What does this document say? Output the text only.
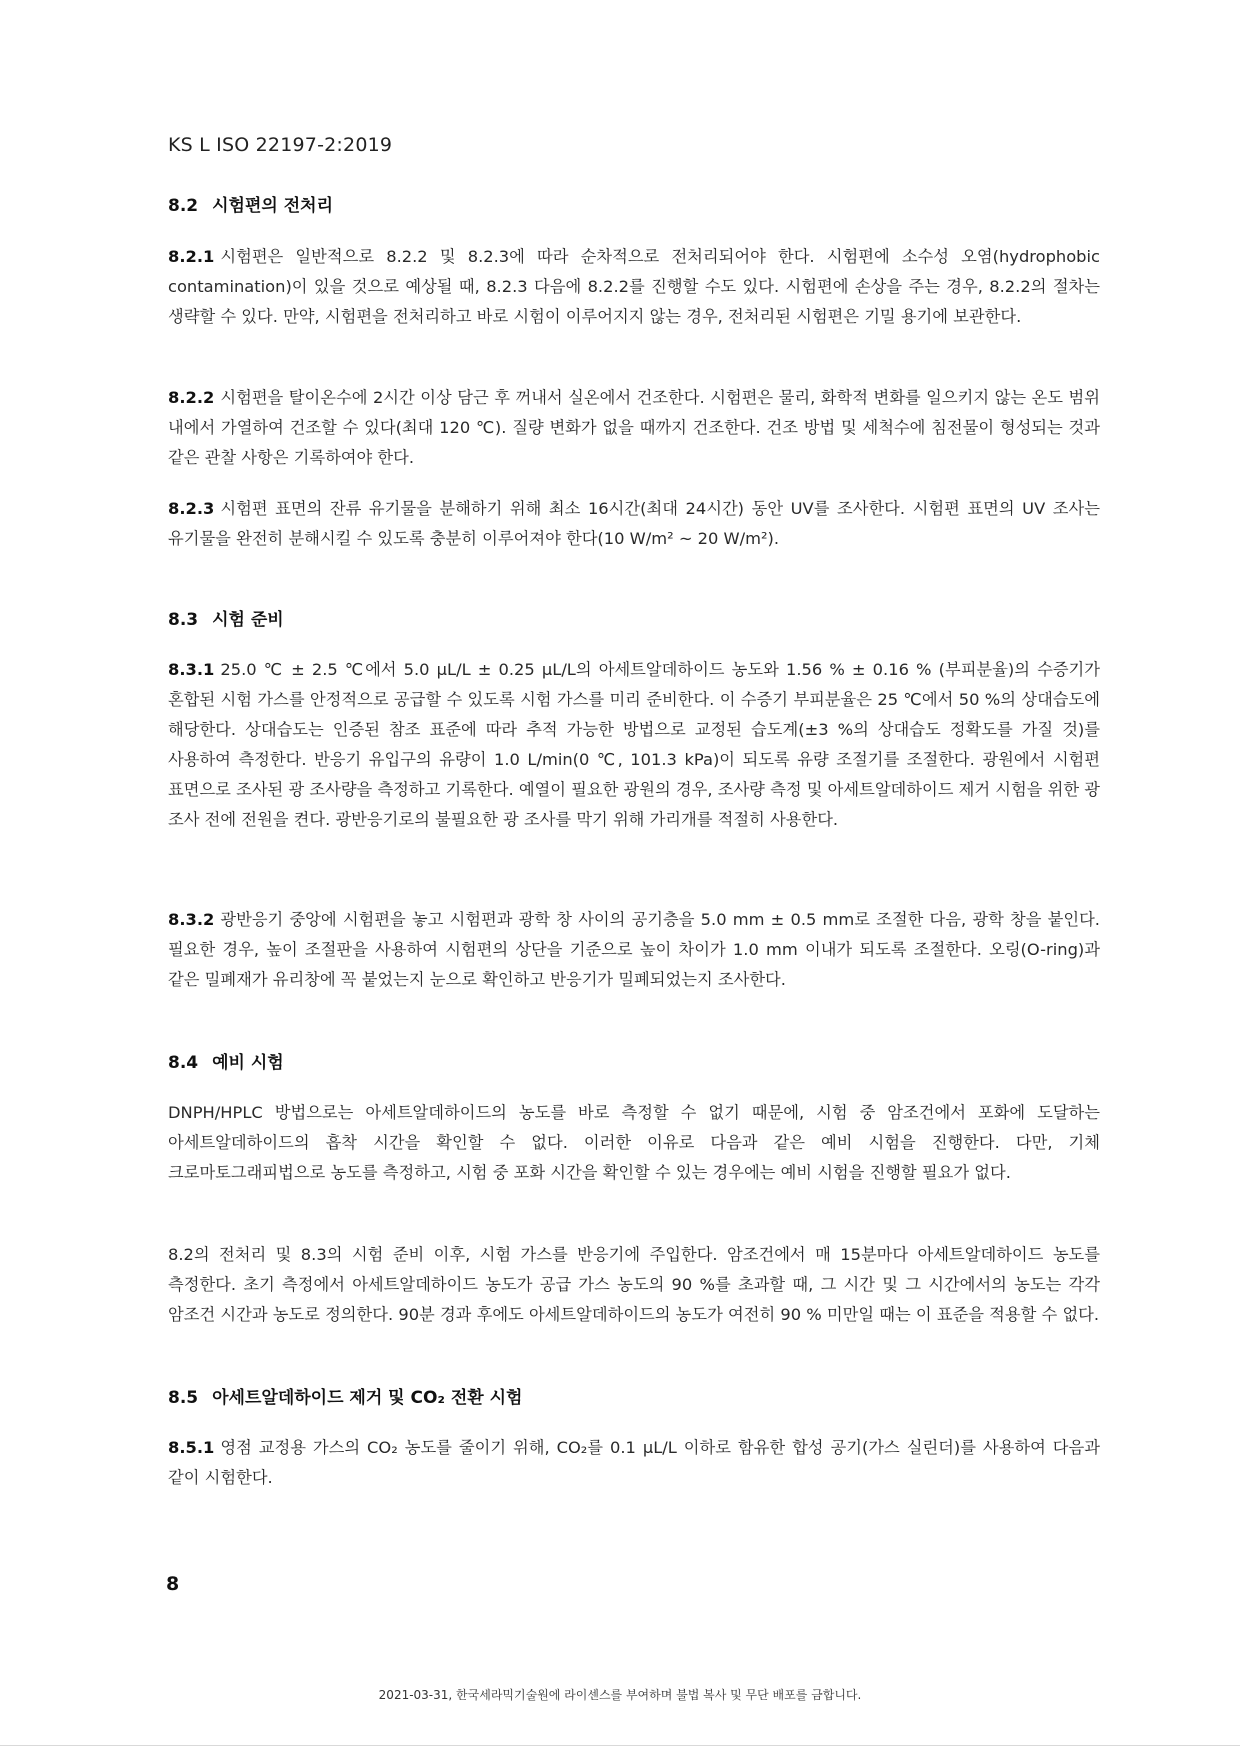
KS L ISO 22197-2:2019
8.2 시험편의 전처리
8.2.1 시험편은 일반적으로 8.2.2 및 8.2.3에 따라 순차적으로 전처리되어야 한다. 시험편에 소수성 오염(hydrophobic contamination)이 있을 것으로 예상될 때, 8.2.3 다음에 8.2.2를 진행할 수도 있다. 시험편에 손상을 주는 경우, 8.2.2의 절차는 생략할 수 있다. 만약, 시험편을 전처리하고 바로 시험이 이루어지지 않는 경우, 전처리된 시험편은 기밀 용기에 보관한다.
8.2.2 시험편을 탈이온수에 2시간 이상 담근 후 꺼내서 실온에서 건조한다. 시험편은 물리, 화학적 변화를 일으키지 않는 온도 범위 내에서 가열하여 건조할 수 있다(최대 120 ℃). 질량 변화가 없을 때까지 건조한다. 건조 방법 및 세척수에 침전물이 형성되는 것과 같은 관찰 사항은 기록하여야 한다.
8.2.3 시험편 표면의 잔류 유기물을 분해하기 위해 최소 16시간(최대 24시간) 동안 UV를 조사한다. 시험편 표면의 UV 조사는 유기물을 완전히 분해시킬 수 있도록 충분히 이루어져야 한다(10 W/m² ~ 20 W/m²).
8.3 시험 준비
8.3.1 25.0 ℃ ± 2.5 ℃에서 5.0 μL/L ± 0.25 μL/L의 아세트알데하이드 농도와 1.56 % ± 0.16 % (부피분율)의 수증기가 혼합된 시험 가스를 안정적으로 공급할 수 있도록 시험 가스를 미리 준비한다. 이 수증기 부피분율은 25 ℃에서 50 %의 상대습도에 해당한다. 상대습도는 인증된 참조 표준에 따라 추적 가능한 방법으로 교정된 습도계(±3 %의 상대습도 정확도를 가질 것)를 사용하여 측정한다. 반응기 유입구의 유량이 1.0 L/min(0 ℃, 101.3 kPa)이 되도록 유량 조절기를 조절한다. 광원에서 시험편 표면으로 조사된 광 조사량을 측정하고 기록한다. 예열이 필요한 광원의 경우, 조사량 측정 및 아세트알데하이드 제거 시험을 위한 광 조사 전에 전원을 켠다. 광반응기로의 불필요한 광 조사를 막기 위해 가리개를 적절히 사용한다.
8.3.2 광반응기 중앙에 시험편을 놓고 시험편과 광학 창 사이의 공기층을 5.0 mm ± 0.5 mm로 조절한 다음, 광학 창을 붙인다. 필요한 경우, 높이 조절판을 사용하여 시험편의 상단을 기준으로 높이 차이가 1.0 mm 이내가 되도록 조절한다. 오링(O-ring)과 같은 밀폐재가 유리창에 꼭 붙었는지 눈으로 확인하고 반응기가 밀폐되었는지 조사한다.
8.4 예비 시험
DNPH/HPLC 방법으로는 아세트알데하이드의 농도를 바로 측정할 수 없기 때문에, 시험 중 암조건에서 포화에 도달하는 아세트알데하이드의 흡착 시간을 확인할 수 없다. 이러한 이유로 다음과 같은 예비 시험을 진행한다. 다만, 기체 크로마토그래피법으로 농도를 측정하고, 시험 중 포화 시간을 확인할 수 있는 경우에는 예비 시험을 진행할 필요가 없다.
8.2의 전처리 및 8.3의 시험 준비 이후, 시험 가스를 반응기에 주입한다. 암조건에서 매 15분마다 아세트알데하이드 농도를 측정한다. 초기 측정에서 아세트알데하이드 농도가 공급 가스 농도의 90 %를 초과할 때, 그 시간 및 그 시간에서의 농도는 각각 암조건 시간과 농도로 정의한다. 90분 경과 후에도 아세트알데하이드의 농도가 여전히 90 % 미만일 때는 이 표준을 적용할 수 없다.
8.5 아세트알데하이드 제거 및 CO₂ 전환 시험
8.5.1 영점 교정용 가스의 CO₂ 농도를 줄이기 위해, CO₂를 0.1 μL/L 이하로 함유한 합성 공기(가스 실린더)를 사용하여 다음과 같이 시험한다.
8
2021-03-31, 한국세라믹기술원에 라이센스를 부여하며 불법 복사 및 무단 배포를 금합니다.
